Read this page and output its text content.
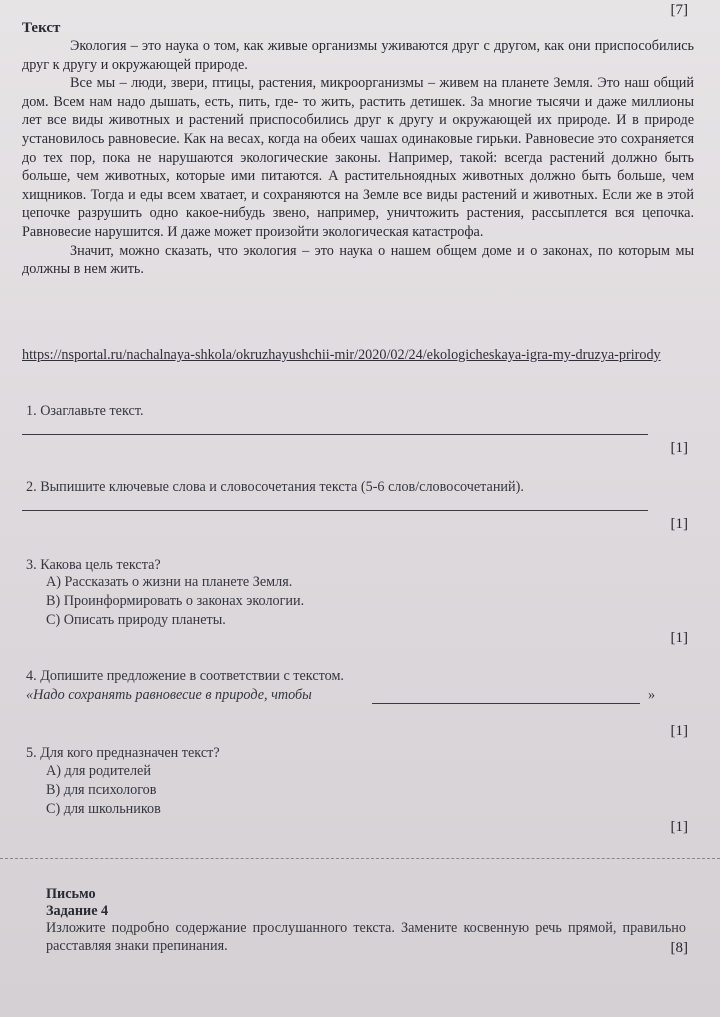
[7]
Текст

Экология – это наука о том, как живые организмы уживаются друг с другом, как они приспособились друг к другу и окружающей природе.

Все мы – люди, звери, птицы, растения, микроорганизмы – живем на планете Земля. Это наш общий дом. Всем нам надо дышать, есть, пить, где- то жить, растить детишек. За многие тысячи и даже миллионы лет все виды животных и растений приспособились друг к другу и окружающей их природе. И в природе установилось равновесие. Как на весах, когда на обеих чашах одинаковые гирьки. Равновесие это сохраняется до тех пор, пока не нарушаются экологические законы. Например, такой: всегда растений должно быть больше, чем животных, которые ими питаются. А растительноядных животных должно быть больше, чем хищников. Тогда и еды всем хватает, и сохраняются на Земле все виды растений и животных. Если же в этой цепочке разрушить одно какое-нибудь звено, например, уничтожить растения, рассыплется вся цепочка. Равновесие нарушится. И даже может произойти экологическая катастрофа.

Значит, можно сказать, что экология – это наука о нашем общем доме и о законах, по которым мы должны в нем жить.

https://nsportal.ru/nachalnaya-shkola/okruzhayushchii-mir/2020/02/24/ekologicheskaya-igra-my-druzya-prirody
1. Озаглавьте текст.
[1]
2. Выпишите ключевые слова и словосочетания текста (5-6 слов/словосочетаний).
[1]
3. Какова цель текста?
А) Рассказать о жизни на планете Земля.
В) Проинформировать о законах экологии.
С) Описать природу планеты.
[1]
4. Допишите предложение в соответствии с текстом.
«Надо сохранять равновесие в природе, чтобы	»
[1]
5. Для кого предназначен текст?
А) для родителей
В) для психологов
С) для школьников
[1]
Письмо
Задание 4
Изложите подробно содержание прослушанного текста. Замените косвенную речь прямой, правильно расставляя знаки препинания.	[8]
